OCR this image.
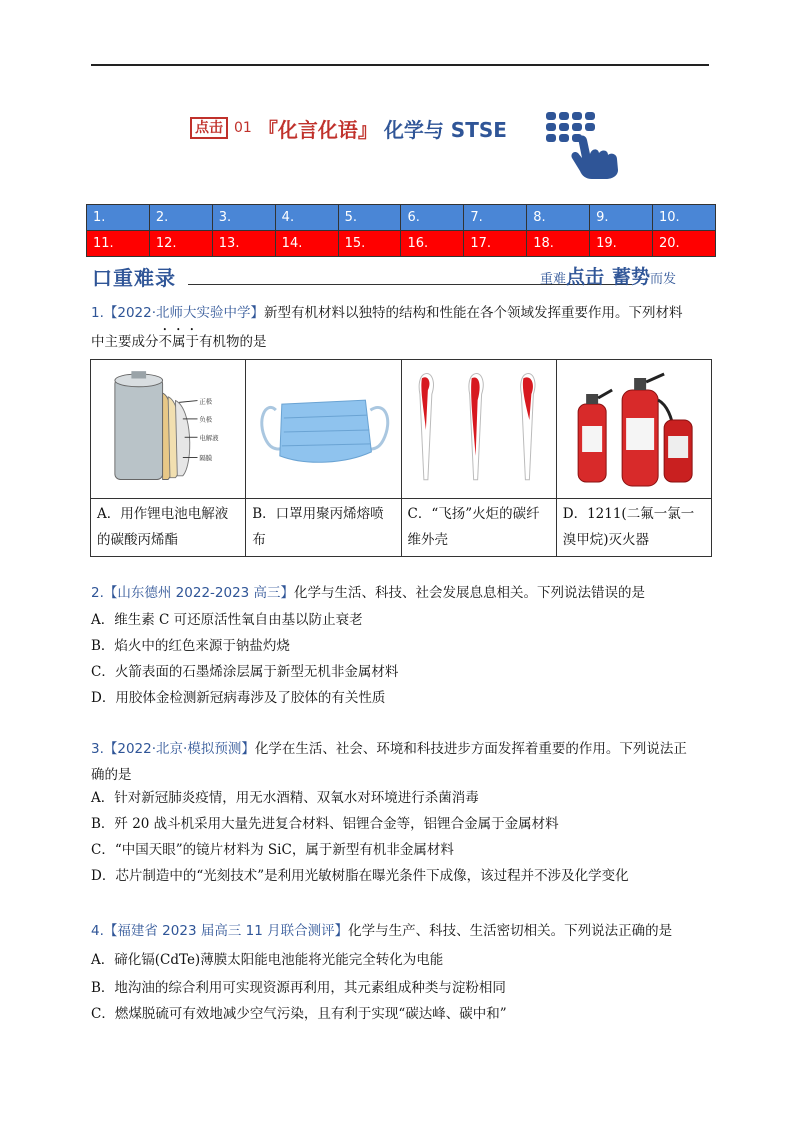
点击 01 『化言化语』 化学与 STSE
1.	2.	3.	4.	5.	6.	7.	8.	9.	10.
11.	12.	13.	14.	15.	16.	17.	18.	19.	20.
口重难录	重难点击 蓄势而发
1.【2022·北师大实验中学】新型有机材料以独特的结构和性能在各个领域发挥重要作用。下列材料
中主要成分不属于有机物的是
正极
负极
电解液
隔膜

A．用作锂电池电解液的碳酸丙烯酯	B．口罩用聚丙烯熔喷布	C．“飞扬”火炬的碳纤维外壳	D．1211(二氟一氯一溴甲烷)灭火器
2.【山东德州 2022-2023 高三】化学与生活、科技、社会发展息息相关。下列说法错误的是
A．维生素 C 可还原活性氧自由基以防止衰老
B．焰火中的红色来源于钠盐灼烧
C．火箭表面的石墨烯涂层属于新型无机非金属材料
D．用胶体金检测新冠病毒涉及了胶体的有关性质
3.【2022·北京·模拟预测】化学在生活、社会、环境和科技进步方面发挥着重要的作用。下列说法正
确的是
A．针对新冠肺炎疫情，用无水酒精、双氧水对环境进行杀菌消毒
B．歼 20 战斗机采用大量先进复合材料、铝锂合金等，铝锂合金属于金属材料
C．“中国天眼”的镜片材料为 SiC，属于新型有机非金属材料
D．芯片制造中的“光刻技术”是利用光敏树脂在曝光条件下成像，该过程并不涉及化学变化
4.【福建省 2023 届高三 11 月联合测评】化学与生产、科技、生活密切相关。下列说法正确的是
A．碲化镉(CdTe)薄膜太阳能电池能将光能完全转化为电能
B．地沟油的综合利用可实现资源再利用，其元素组成种类与淀粉相同
C．燃煤脱硫可有效地减少空气污染，且有利于实现“碳达峰、碳中和”
